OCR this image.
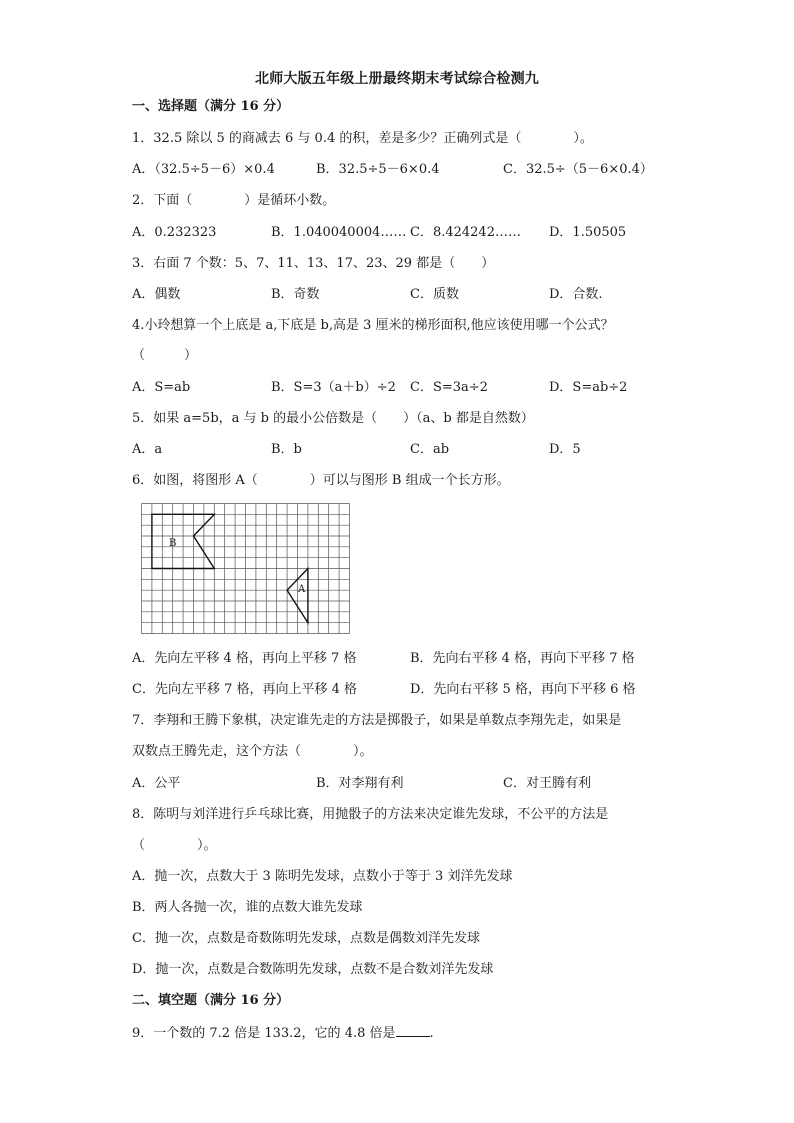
北师大版五年级上册最终期末考试综合检测九
一、选择题（满分 16 分）
1．32.5 除以 5 的商减去 6 与 0.4 的积，差是多少？正确列式是（　　　　）。
A．（32.5÷5－6）×0.4	B．32.5÷5－6×0.4	C．32.5÷（5－6×0.4）
2．下面（　　　　）是循环小数。
A．0.232323	B．1.040040004…… C．8.424242…… D．1.50505
3．右面 7 个数：5、7、11、13、17、23、29 都是（　　）
A．偶数	B．奇数	C．质数	D．合数.
4.小玲想算一个上底是 a,下底是 b,高是 3 厘米的梯形面积,他应该使用哪一个公式？
（　　　）
A．S=ab	B．S=3（a＋b）÷2 C．S=3a÷2	D．S=ab÷2
5．如果 a=5b，a 与 b 的最小公倍数是（　　）（a、b 都是自然数）
A．a	B．b	C．ab	D．5
6．如图，将图形 A（　　　　）可以与图形 B 组成一个长方形。
B
A
A．先向左平移 4 格，再向上平移 7 格	B．先向右平移 4 格，再向下平移 7 格
C．先向左平移 7 格，再向上平移 4 格	D．先向右平移 5 格，再向下平移 6 格
7．李翔和王腾下象棋，决定谁先走的方法是掷骰子，如果是单数点李翔先走，如果是
双数点王腾先走，这个方法（　　　　）。
A．公平	B．对李翔有利	C．对王腾有利
8．陈明与刘洋进行乒乓球比赛，用抛骰子的方法来决定谁先发球，不公平的方法是
（　　　　）。
A．抛一次，点数大于 3 陈明先发球，点数小于等于 3 刘洋先发球
B．两人各抛一次，谁的点数大谁先发球
C．抛一次，点数是奇数陈明先发球，点数是偶数刘洋先发球
D．抛一次，点数是合数陈明先发球，点数不是合数刘洋先发球
二、填空题（满分 16 分）
9．一个数的 7.2 倍是 133.2，它的 4.8 倍是	.
